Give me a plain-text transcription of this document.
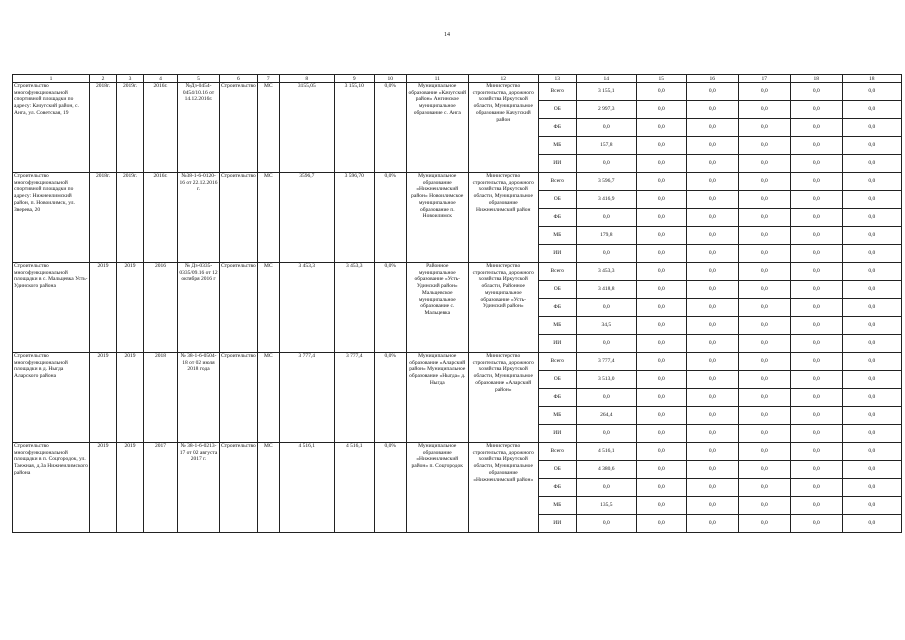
14
1	2	3	4	5	6	7	8	9	10	11	12	13	14	15	16	17	18	18
Строительство многофункциональной спортивной площадки по адресу: Качугский район, с. Анга, ул. Советская, 19	2018г.	2019г.	2016г.	№Дз-0454-0454/10.16 от 14.12.2016г.	Строительство	МС	3155,05	3 155,10	0,0%	Муниципальное образование «Качугский район» Ангинское муниципальное образование с. Анга	Министерство строительства, дорожного хозяйства Иркутской области, Муниципальное образование Качугский район	Всего	3 155,1	0,0	0,0	0,0	0,0	0,0
												ОБ	2 997,3	0,0	0,0	0,0	0,0	0,0
												ФБ	0,0	0,0	0,0	0,0	0,0	0,0
												МБ	157,8	0,0	0,0	0,0	0,0	0,0
												ИИ	0,0	0,0	0,0	0,0	0,0	0,0
Строительство многофункциональной спортивной площадки по адресу: Нижнеилимский район, п. Новоилимск, ул. Зверева, 20	2018г.	2019г.	2016г.	№38-1-6-0120-16 от 22.12.2016 г.	Строительство	МС	3596,7	3 596,70	0,0%	Муниципальное образование «Нижнеилимский район» Новоилимское муниципальное образование п. Новоилимск	Министерство строительства, дорожного хозяйства Иркутской области, Муниципальное образование Нижнеилимский район	Всего	3 596,7	0,0	0,0	0,0	0,0	0,0
												ОБ	3 416,9	0,0	0,0	0,0	0,0	0,0
												ФБ	0,0	0,0	0,0	0,0	0,0	0,0
												МБ	179,8	0,0	0,0	0,0	0,0	0,0
												ИИ	0,0	0,0	0,0	0,0	0,0	0,0
Строительство многофункциональной площадки в с. Мальцевка Усть-Удинского района	2019	2019	2016	№ Дз-0335-0335/09.16 от 12 октября 2016 г	Строительство	МС	3 453,3	3 453,3	0,0%	Районное муниципальное образование «Усть-Удинский район» Мальцевское муниципальное образование с. Мальцевка	Министерство строительства, дорожного хозяйства Иркутской области, Районное муниципальное образование «Усть-Удинский район»	Всего	3 453,3	0,0	0,0	0,0	0,0	0,0
												ОБ	3 418,8	0,0	0,0	0,0	0,0	0,0
												ФБ	0,0	0,0	0,0	0,0	0,0	0,0
												МБ	34,5	0,0	0,0	0,0	0,0	0,0
												ИИ	0,0	0,0	0,0	0,0	0,0	0,0
Строительство многофункциональной площадки в д. Ныгда Аларского района	2019	2019	2018	№ 38-1-6-0504-18 от 02 июля 2018 года	Строительство	МС	3 777,4	3 777,4	0,0%	Муниципальное образование «Аларский район» Муниципальное образование «Ныгда» д. Ныгда	Министерство строительства, дорожного хозяйства Иркутской области, Муниципальное образование «Аларский район»	Всего	3 777,4	0,0	0,0	0,0	0,0	0,0
												ОБ	3 513,0	0,0	0,0	0,0	0,0	0,0
												ФБ	0,0	0,0	0,0	0,0	0,0	0,0
												МБ	264,4	0,0	0,0	0,0	0,0	0,0
												ИИ	0,0	0,0	0,0	0,0	0,0	0,0
Строительство многофункциональной площадки в п. Соцгородок, ул. Таежная, д.3а Нижнеилимского района	2019	2019	2017	№ 38-1-6-0213-17 от 02 августа 2017 г.	Строительство	МС	4 516,1	4 516,1	0,0%	Муниципальное образование «Нижнеилимский район» п. Соцгородок	Министерство строительства, дорожного хозяйства Иркутской области, Муниципальное образование «Нижнеилимский район»	Всего	4 516,1	0,0	0,0	0,0	0,0	0,0
												ОБ	4 380,6	0,0	0,0	0,0	0,0	0,0
												ФБ	0,0	0,0	0,0	0,0	0,0	0,0
												МБ	135,5	0,0	0,0	0,0	0,0	0,0
												ИИ	0,0	0,0	0,0	0,0	0,0	0,0
